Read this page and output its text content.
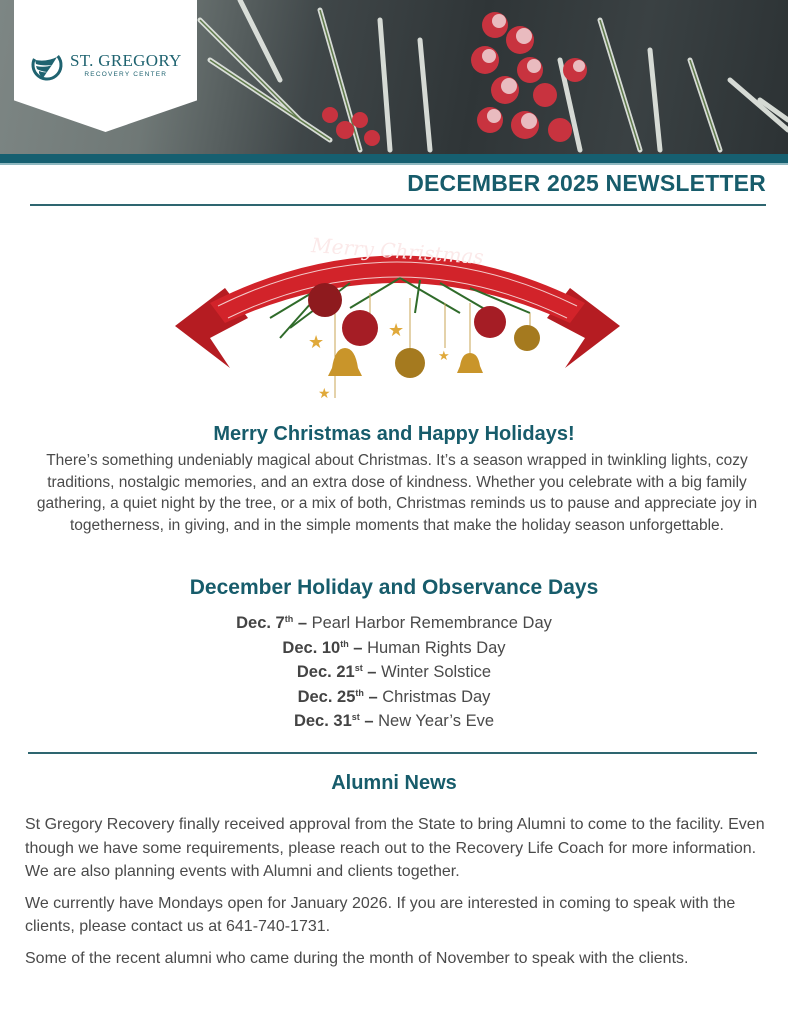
ST. GREGORY
RECOVERY CENTER
DECEMBER 2025 NEWSLETTER
Merry Christmas
★
★
★
★
Merry Christmas and Happy Holidays!

There’s something undeniably magical about Christmas. It’s a season wrapped in twinkling lights, cozy traditions, nostalgic memories, and an extra dose of kindness. Whether you celebrate with a big family gathering, a quiet night by the tree, or a mix of both, Christmas reminds us to pause and appreciate joy in togetherness, in giving, and in the simple moments that make the holiday season unforgettable.

December Holiday and Observance Days
Dec. 7th – Pearl Harbor Remembrance Day
Dec. 10th – Human Rights Day
Dec. 21st – Winter Solstice
Dec. 25th – Christmas Day
Dec. 31st – New Year’s Eve
Alumni News

St Gregory Recovery finally received approval from the State to bring Alumni to come to the facility. Even though we have some requirements, please reach out to the Recovery Life Coach for more information. We are also planning events with Alumni and clients together.

We currently have Mondays open for January 2026. If you are interested in coming to speak with the clients, please contact us at 641-740-1731.

Some of the recent alumni who came during the month of November to speak with the clients.
